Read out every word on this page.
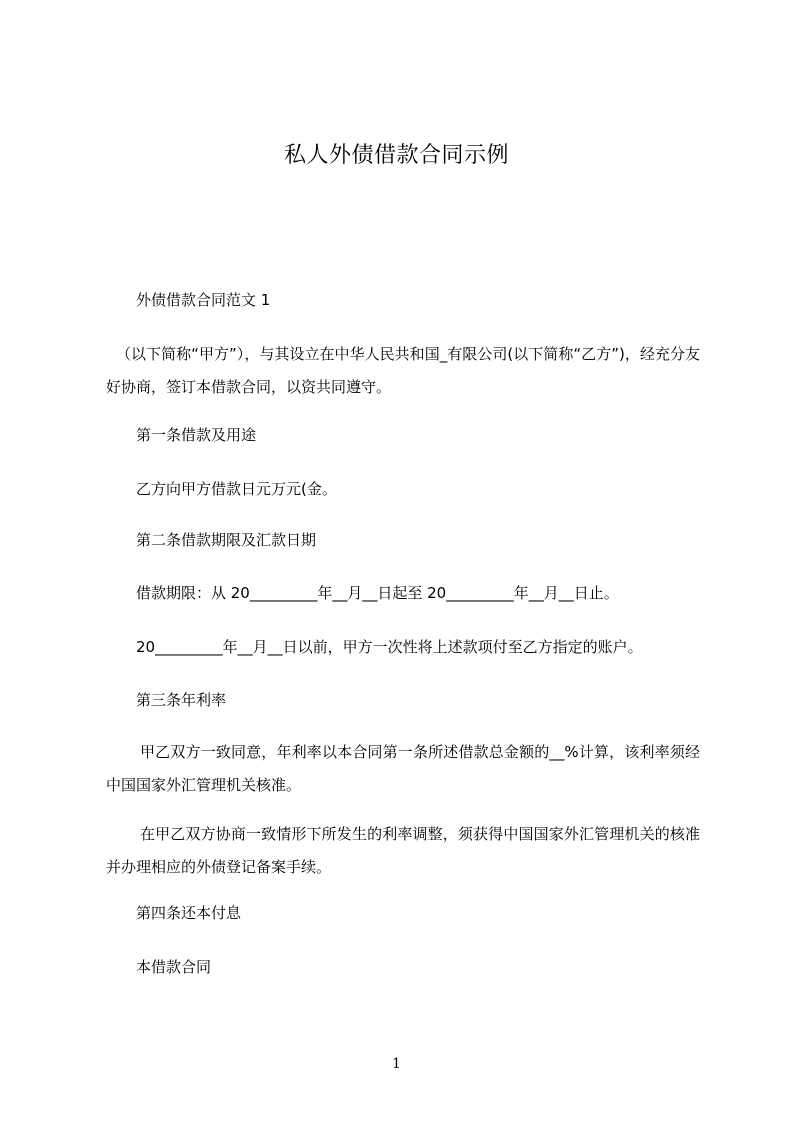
私人外债借款合同示例

外债借款合同范文 1

（以下简称“甲方”），与其设立在中华人民共和国_有限公司(以下简称“乙方”)，经充分友好协商，签订本借款合同，以资共同遵守。

第一条借款及用途

乙方向甲方借款日元万元(金。

第二条借款期限及汇款日期

借款期限：从 20_________年__月__日起至 20_________年__月__日止。

20_________年__月__日以前，甲方一次性将上述款项付至乙方指定的账户。

第三条年利率

甲乙双方一致同意，年利率以本合同第一条所述借款总金额的__%计算，该利率须经中国国家外汇管理机关核准。

在甲乙双方协商一致情形下所发生的利率调整，须获得中国国家外汇管理机关的核准并办理相应的外债登记备案手续。

第四条还本付息

本借款合同

1
